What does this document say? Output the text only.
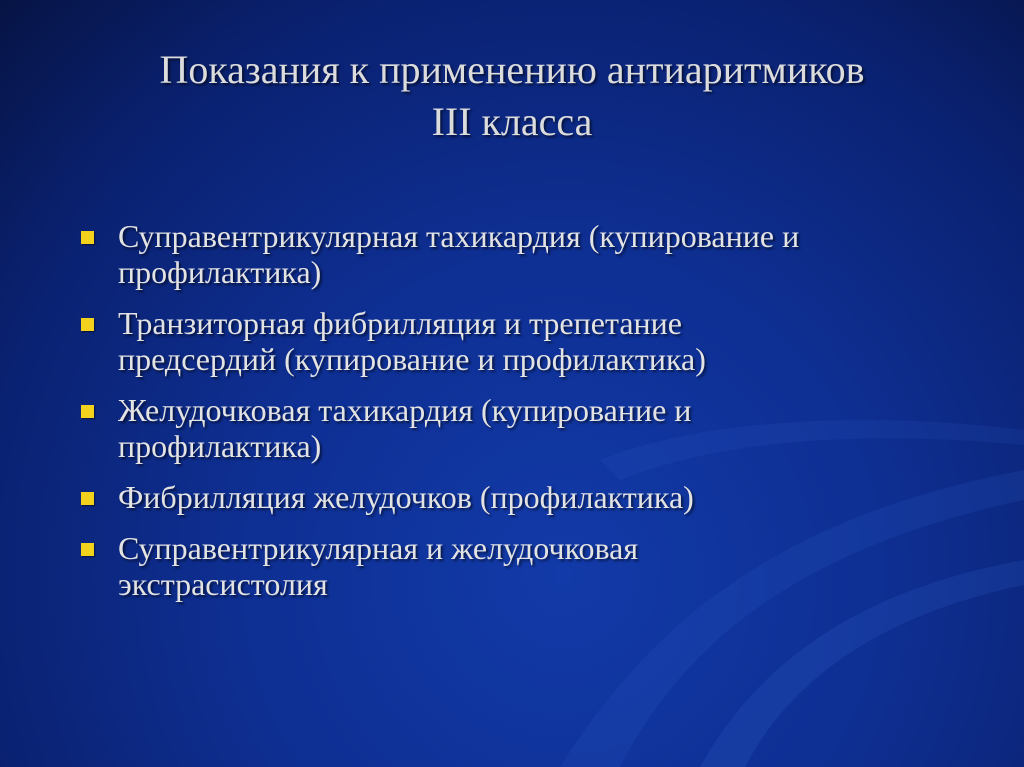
Показания к применению антиаритмиков
III класса
Суправентрикулярная тахикардия (купирование и
профилактика)
Транзиторная фибрилляция и трепетание
предсердий (купирование и профилактика)
Желудочковая тахикардия (купирование и
профилактика)
Фибрилляция желудочков (профилактика)
Суправентрикулярная и желудочковая
экстрасистолия
